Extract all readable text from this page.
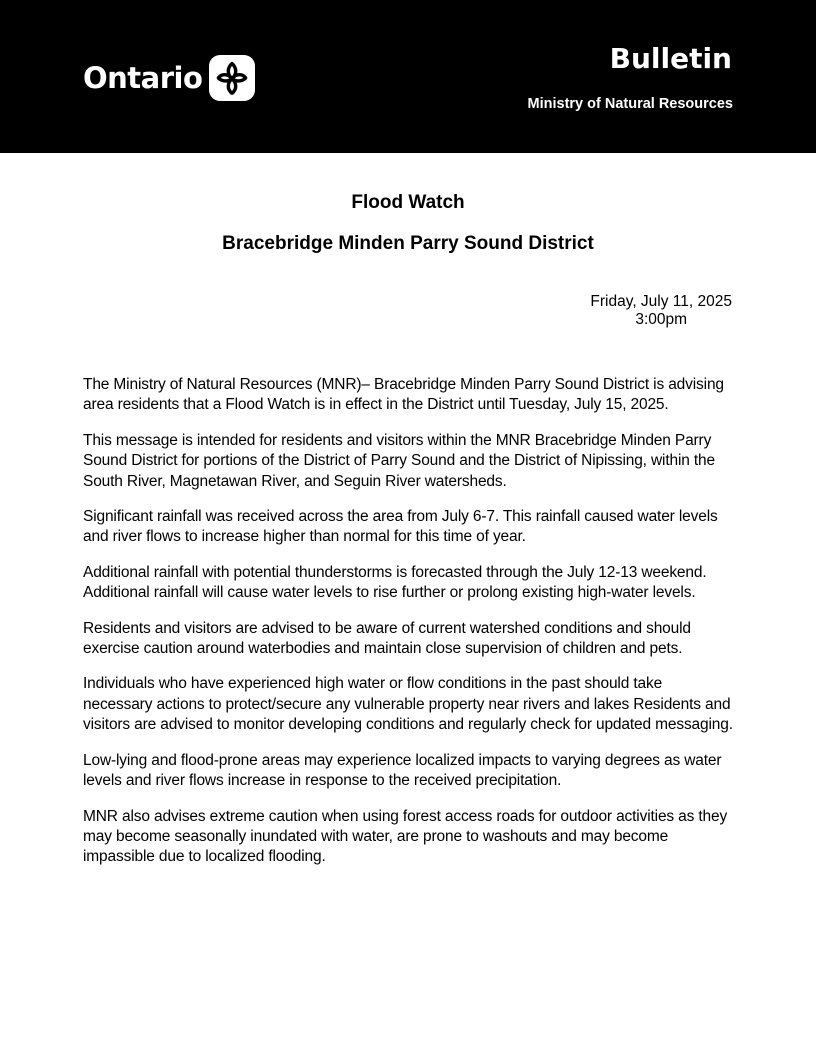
Ontario
Bulletin
Ministry of Natural Resources
Flood Watch
Bracebridge Minden Parry Sound District
Friday, July 11, 2025
3:00pm

The Ministry of Natural Resources (MNR)– Bracebridge Minden Parry Sound District is advising area residents that a Flood Watch is in effect in the District until Tuesday, July 15, 2025.

This message is intended for residents and visitors within the MNR Bracebridge Minden Parry Sound District for portions of the District of Parry Sound and the District of Nipissing, within the South River, Magnetawan River, and Seguin River watersheds.

Significant rainfall was received across the area from July 6-7. This rainfall caused water levels and river flows to increase higher than normal for this time of year.

Additional rainfall with potential thunderstorms is forecasted through the July 12-13 weekend. Additional rainfall will cause water levels to rise further or prolong existing high-water levels.

Residents and visitors are advised to be aware of current watershed conditions and should exercise caution around waterbodies and maintain close supervision of children and pets.

Individuals who have experienced high water or flow conditions in the past should take necessary actions to protect/secure any vulnerable property near rivers and lakes Residents and visitors are advised to monitor developing conditions and regularly check for updated messaging.

Low-lying and flood-prone areas may experience localized impacts to varying degrees as water levels and river flows increase in response to the received precipitation.

MNR also advises extreme caution when using forest access roads for outdoor activities as they may become seasonally inundated with water, are prone to washouts and may become impassible due to localized flooding.
